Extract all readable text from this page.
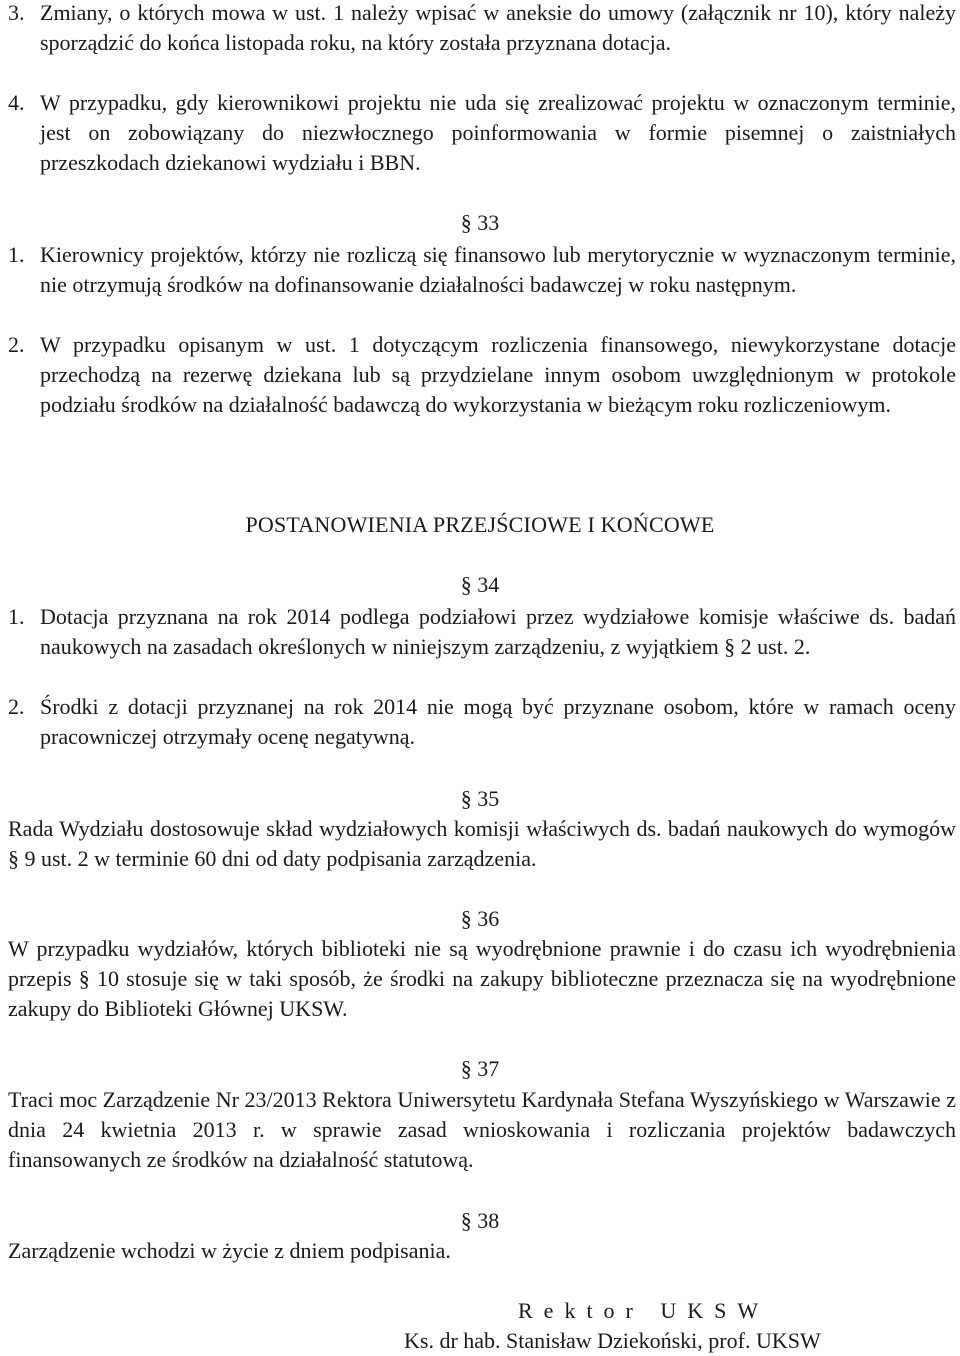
3. Zmiany, o których mowa w ust. 1 należy wpisać w aneksie do umowy (załącznik nr 10), który należy sporządzić do końca listopada roku, na który została przyznana dotacja.
4. W przypadku, gdy kierownikowi projektu nie uda się zrealizować projektu w oznaczonym terminie, jest on zobowiązany do niezwłocznego poinformowania w formie pisemnej o zaistniałych przeszkodach dziekanowi wydziału i BBN.
§ 33
1. Kierownicy projektów, którzy nie rozliczą się finansowo lub merytorycznie w wyznaczonym terminie, nie otrzymują środków na dofinansowanie działalności badawczej w roku następnym.
2. W przypadku opisanym w ust. 1 dotyczącym rozliczenia finansowego, niewykorzystane dotacje przechodzą na rezerwę dziekana lub są przydzielane innym osobom uwzględnionym w protokole podziału środków na działalność badawczą do wykorzystania w bieżącym roku rozliczeniowym.
POSTANOWIENIA PRZEJŚCIOWE I KOŃCOWE
§ 34
1. Dotacja przyznana na rok 2014 podlega podziałowi przez wydziałowe komisje właściwe ds. badań naukowych na zasadach określonych w niniejszym zarządzeniu, z wyjątkiem § 2 ust. 2.
2. Środki z dotacji przyznanej na rok 2014 nie mogą być przyznane osobom, które w ramach oceny pracowniczej otrzymały ocenę negatywną.
§ 35
Rada Wydziału dostosowuje skład wydziałowych komisji właściwych ds. badań naukowych do wymogów § 9 ust. 2 w terminie 60 dni od daty podpisania zarządzenia.
§ 36
W przypadku wydziałów, których biblioteki nie są wyodrębnione prawnie i do czasu ich wyodrębnienia przepis § 10 stosuje się w taki sposób, że środki na zakupy biblioteczne przeznacza się na wyodrębnione zakupy do Biblioteki Głównej UKSW.
§ 37
Traci moc Zarządzenie Nr 23/2013 Rektora Uniwersytetu Kardynała Stefana Wyszyńskiego w Warszawie z dnia 24 kwietnia 2013 r. w sprawie zasad wnioskowania i rozliczania projektów badawczych finansowanych ze środków na działalność statutową.
§ 38
Zarządzenie wchodzi w życie z dniem podpisania.
Rektor UKSW
Ks. dr hab. Stanisław Dziekoński, prof. UKSW
